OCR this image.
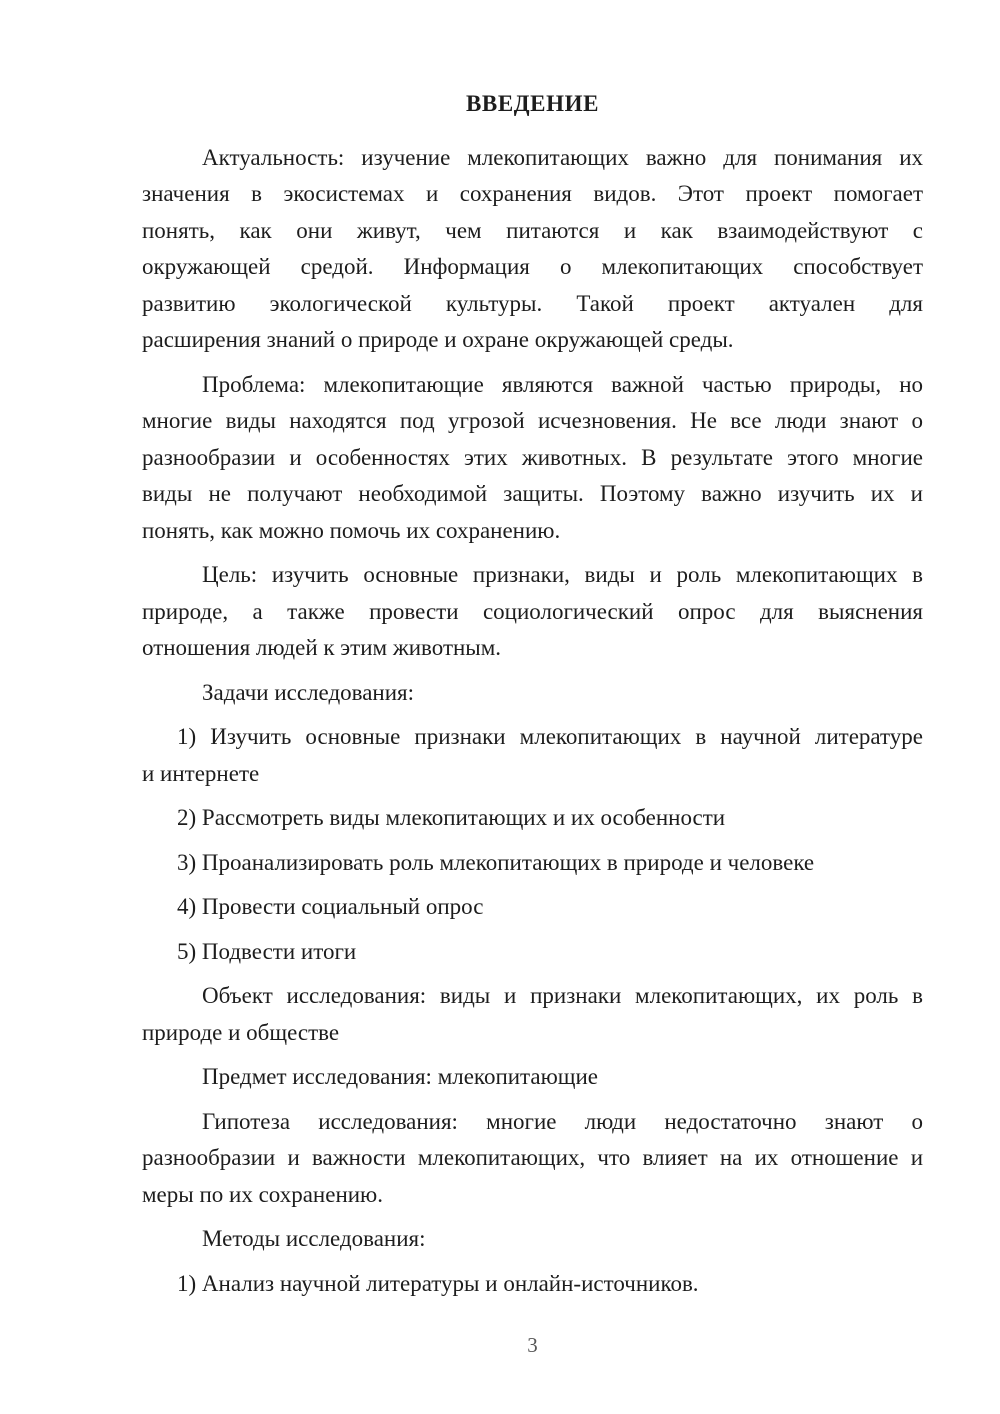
ВВЕДЕНИЕ

Актуальность: изучение млекопитающих важно для понимания их
значения в экосистемах и сохранения видов. Этот проект помогает
понять, как они живут, чем питаются и как взаимодействуют с
окружающей средой. Информация о млекопитающих способствует
развитию экологической культуры. Такой проект актуален для
расширения знаний о природе и охране окружающей среды.

Проблема: млекопитающие являются важной частью природы, но
многие виды находятся под угрозой исчезновения. Не все люди знают о
разнообразии и особенностях этих животных. В результате этого многие
виды не получают необходимой защиты. Поэтому важно изучить их и
понять, как можно помочь их сохранению.

Цель: изучить основные признаки, виды и роль млекопитающих в
природе, а также провести социологический опрос для выяснения
отношения людей к этим животным.

Задачи исследования:

1) Изучить основные признаки млекопитающих в научной литературе
и интернете

2) Рассмотреть виды млекопитающих и их особенности

3) Проанализировать роль млекопитающих в природе и человеке

4) Провести социальный опрос

5) Подвести итоги

Объект исследования: виды и признаки млекопитающих, их роль в
природе и обществе

Предмет исследования: млекопитающие

Гипотеза исследования: многие люди недостаточно знают о
разнообразии и важности млекопитающих, что влияет на их отношение и
меры по их сохранению.

Методы исследования:

1) Анализ научной литературы и онлайн-источников.

3
